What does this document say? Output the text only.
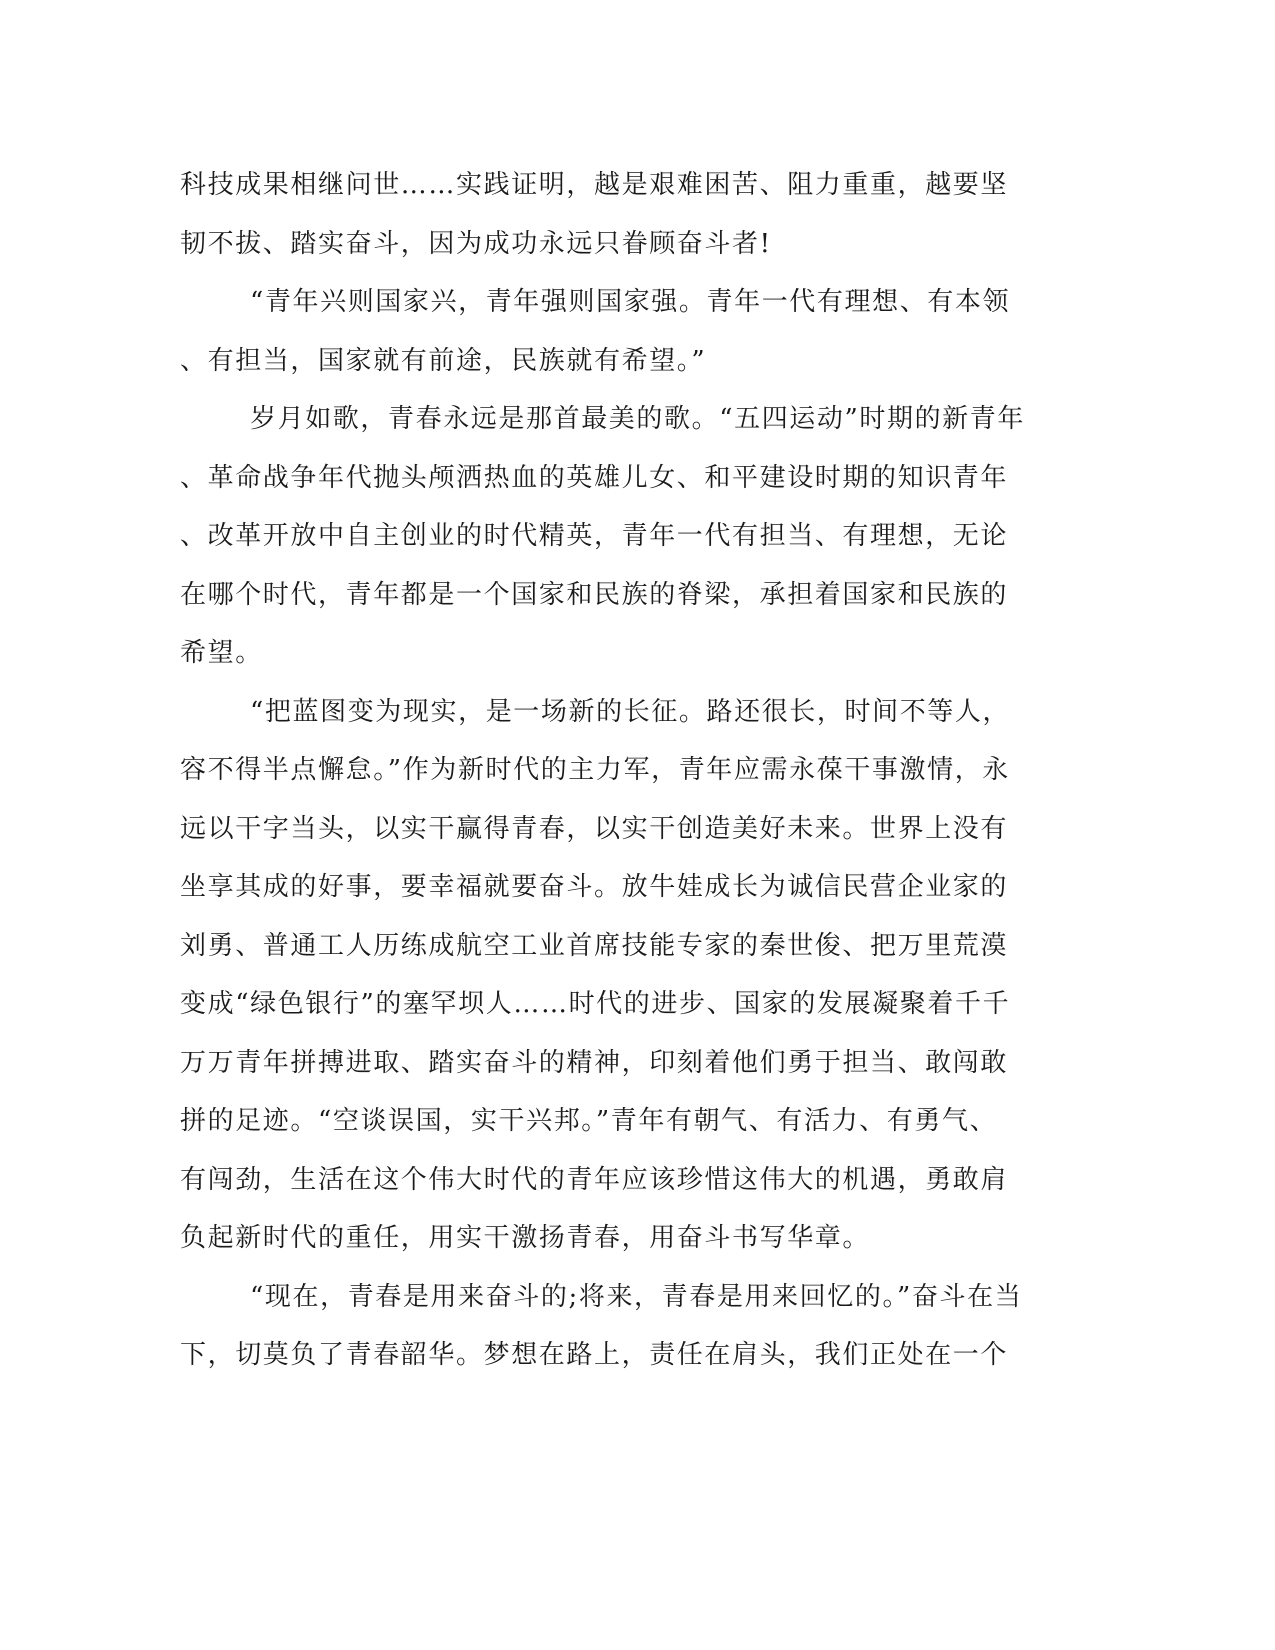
科技成果相继问世……实践证明，越是艰难困苦、阻力重重，越要坚
韧不拔、踏实奋斗，因为成功永远只眷顾奋斗者!
“青年兴则国家兴，青年强则国家强。青年一代有理想、有本领
、有担当，国家就有前途，民族就有希望。”
岁月如歌，青春永远是那首最美的歌。“五四运动”时期的新青年
、革命战争年代抛头颅洒热血的英雄儿女、和平建设时期的知识青年
、改革开放中自主创业的时代精英，青年一代有担当、有理想，无论
在哪个时代，青年都是一个国家和民族的脊梁，承担着国家和民族的
希望。
“把蓝图变为现实，是一场新的长征。路还很长，时间不等人，
容不得半点懈怠。”作为新时代的主力军，青年应需永葆干事激情，永
远以干字当头，以实干赢得青春，以实干创造美好未来。世界上没有
坐享其成的好事，要幸福就要奋斗。放牛娃成长为诚信民营企业家的
刘勇、普通工人历练成航空工业首席技能专家的秦世俊、把万里荒漠
变成“绿色银行”的塞罕坝人……时代的进步、国家的发展凝聚着千千
万万青年拼搏进取、踏实奋斗的精神，印刻着他们勇于担当、敢闯敢
拼的足迹。“空谈误国，实干兴邦。”青年有朝气、有活力、有勇气、
有闯劲，生活在这个伟大时代的青年应该珍惜这伟大的机遇，勇敢肩
负起新时代的重任，用实干激扬青春，用奋斗书写华章。
“现在，青春是用来奋斗的;将来，青春是用来回忆的。”奋斗在当
下，切莫负了青春韶华。梦想在路上，责任在肩头，我们正处在一个
